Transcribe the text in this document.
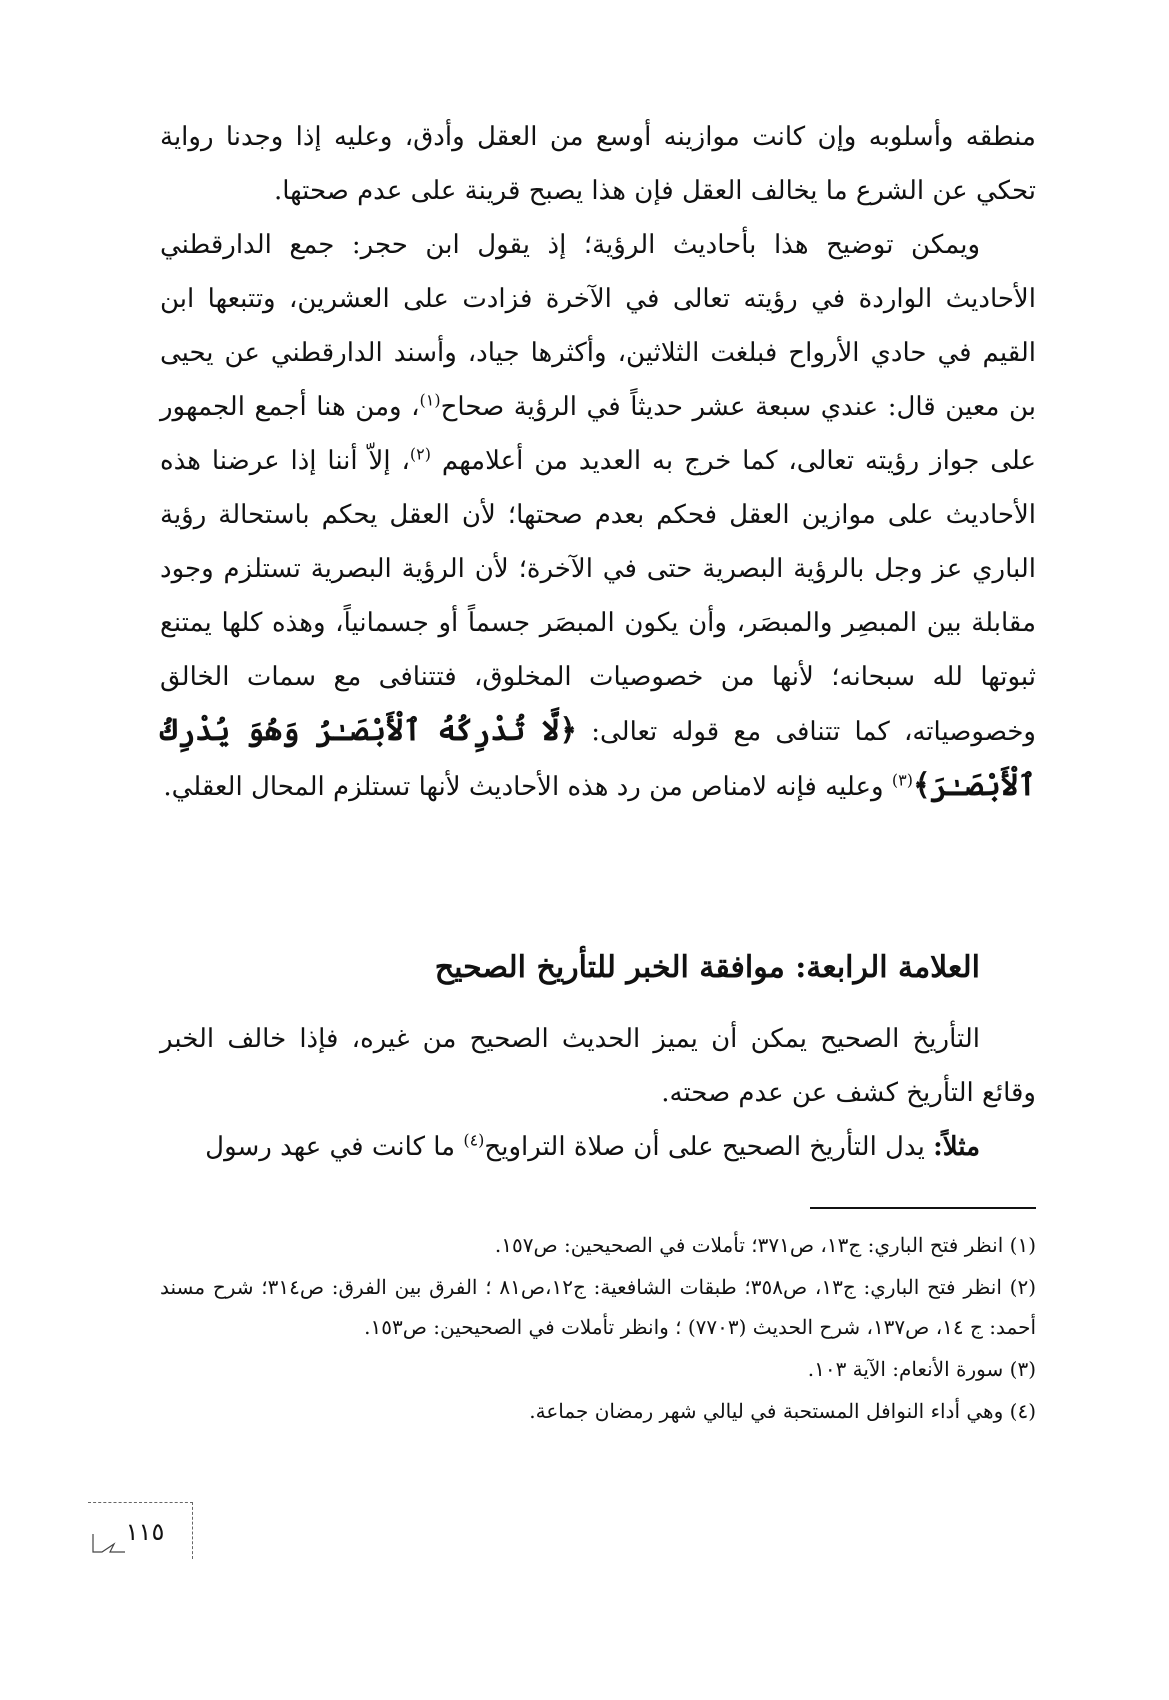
منطقه وأسلوبه وإن كانت موازينه أوسع من العقل وأدق، وعليه إذا وجدنا رواية تحكي عن الشرع ما يخالف العقل فإن هذا يصبح قرينة على عدم صحتها.

ويمكن توضيح هذا بأحاديث الرؤية؛ إذ يقول ابن حجر: جمع الدارقطني الأحاديث الواردة في رؤيته تعالى في الآخرة فزادت على العشرين، وتتبعها ابن القيم في حادي الأرواح فبلغت الثلاثين، وأكثرها جياد، وأسند الدارقطني عن يحيى بن معين قال: عندي سبعة عشر حديثاً في الرؤية صحاح$^{(١)}$، ومن هنا أجمع الجمهور على جواز رؤيته تعالى، كما خرج به العديد من أعلامهم $^{(٢)}$، إلاّ أننا إذا عرضنا هذه الأحاديث على موازين العقل فحكم بعدم صحتها؛ لأن العقل يحكم باستحالة رؤية الباري عز وجل بالرؤية البصرية حتى في الآخرة؛ لأن الرؤية البصرية تستلزم وجود مقابلة بين المبصِر والمبصَر، وأن يكون المبصَر جسماً أو جسمانياً، وهذه كلها يمتنع ثبوتها لله سبحانه؛ لأنها من خصوصيات المخلوق، فتتنافى مع سمات الخالق وخصوصياته، كما تتنافى مع قوله تعالى: ﴿لَّا تُدْرِكُهُ ٱلْأَبْصَـٰرُ وَهُوَ يُدْرِكُ ٱلْأَبْصَـٰرَ﴾$^{(٣)}$ وعليه فإنه لامناص من رد هذه الأحاديث لأنها تستلزم المحال العقلي.

العلامة الرابعة: موافقة الخبر للتأريخ الصحيح

التأريخ الصحيح يمكن أن يميز الحديث الصحيح من غيره، فإذا خالف الخبر وقائع التأريخ كشف عن عدم صحته.

مثلاً: يدل التأريخ الصحيح على أن صلاة التراويح$^{(٤)}$ ما كانت في عهد رسول

(١) انظر فتح الباري: ج١٣، ص٣٧١؛ تأملات في الصحيحين: ص١٥٧.

(٢) انظر فتح الباري: ج١٣، ص٣٥٨؛ طبقات الشافعية: ج١٢،ص٨١ ؛ الفرق بين الفرق: ص٣١٤؛ شرح مسند أحمد: ج ١٤، ص١٣٧، شرح الحديث (٧٧٠٣) ؛ وانظر تأملات في الصحيحين: ص١٥٣.

(٣) سورة الأنعام: الآية ١٠٣.

(٤) وهي أداء النوافل المستحبة في ليالي شهر رمضان جماعة.

١١٥
